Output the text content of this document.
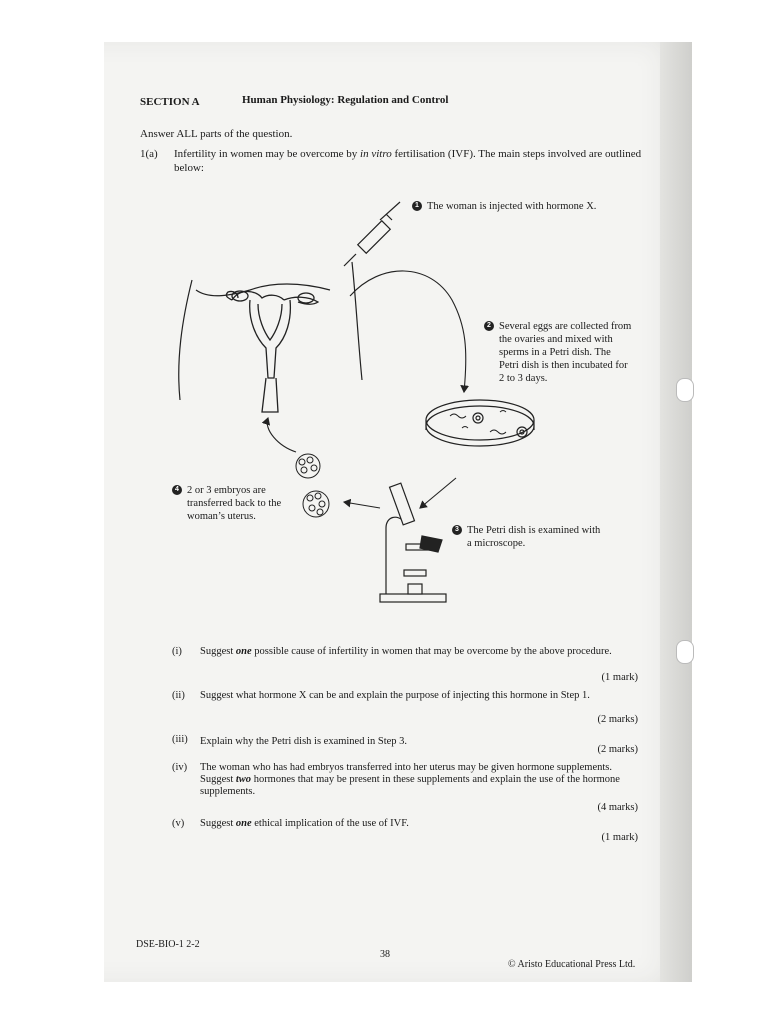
SECTION A	Human Physiology: Regulation and Control
Answer ALL parts of the question.
1(a) Infertility in women may be overcome by in vitro fertilisation (IVF). The main steps involved are outlined
below:
1 The woman is injected with hormone X.
2 Several eggs are collected from
the ovaries and mixed with
sperms in a Petri dish. The
Petri dish is then incubated for
2 to 3 days.
3 The Petri dish is examined with
a microscope.
4 2 or 3 embryos are
transferred back to the
woman’s uterus.
(i) Suggest one possible cause of infertility in women that may be overcome by the above procedure.
(1 mark)
(ii) Suggest what hormone X can be and explain the purpose of injecting this hormone in Step 1.
(2 marks)
(iii) Explain why the Petri dish is examined in Step 3.
(2 marks)
(iv) The woman who has had embryos transferred into her uterus may be given hormone supplements.
Suggest two hormones that may be present in these supplements and explain the use of the hormone
supplements.
(4 marks)
(v) Suggest one ethical implication of the use of IVF.
(1 mark)
DSE-BIO-1 2-2
38
© Aristo Educational Press Ltd.
